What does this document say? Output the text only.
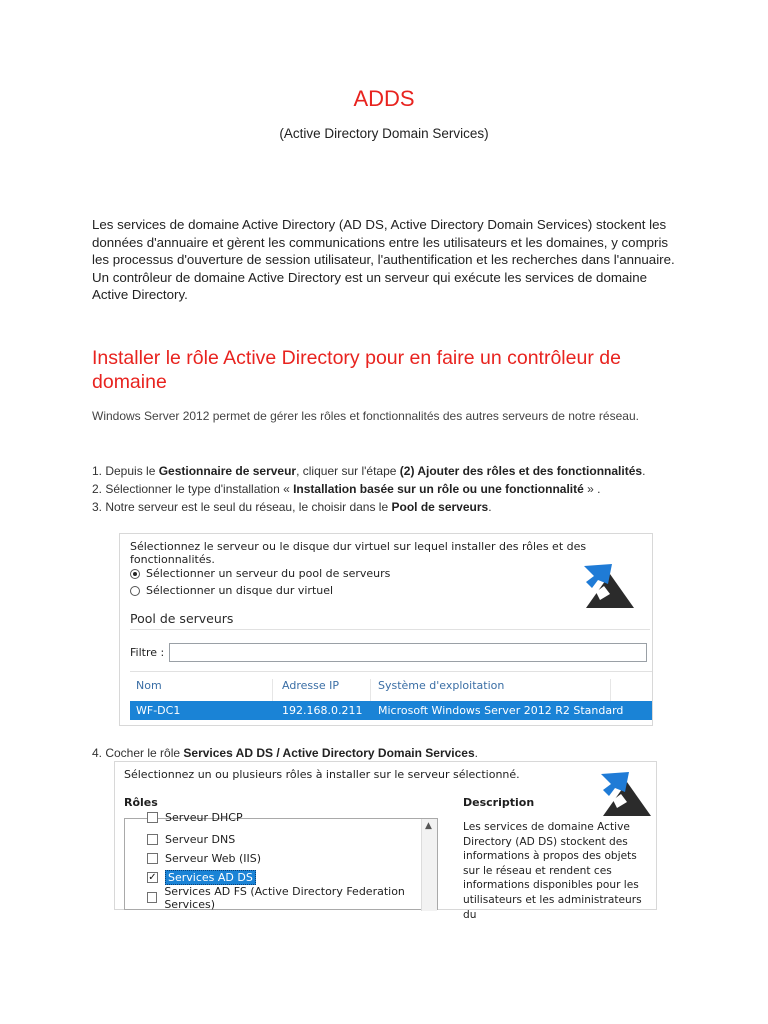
ADDS
(Active Directory Domain Services)

Les services de domaine Active Directory (AD DS, Active Directory Domain Services) stockent les données d'annuaire et gèrent les communications entre les utilisateurs et les domaines, y compris les processus d'ouverture de session utilisateur, l'authentification et les recherches dans l'annuaire. Un contrôleur de domaine Active Directory est un serveur qui exécute les services de domaine Active Directory.

Installer le rôle Active Directory pour en faire un contrôleur de domaine

Windows Server 2012 permet de gérer les rôles et fonctionnalités des autres serveurs de notre réseau.

1. Depuis le Gestionnaire de serveur, cliquer sur l'étape (2) Ajouter des rôles et des fonctionnalités.
2. Sélectionner le type d'installation « Installation basée sur un rôle ou une fonctionnalité » .
3. Notre serveur est le seul du réseau, le choisir dans le Pool de serveurs.
Sélectionnez le serveur ou le disque dur virtuel sur lequel installer des rôles et des fonctionnalités.
Sélectionner un serveur du pool de serveurs
Sélectionner un disque dur virtuel
Pool de serveurs
Filtre :
Nom	Adresse IP	Système d'exploitation
WF-DC1	192.168.0.211 Microsoft Windows Server 2012 R2 Standard
4. Cocher le rôle Services AD DS / Active Directory Domain Services.
Sélectionnez un ou plusieurs rôles à installer sur le serveur sélectionné.
Rôles	Description
Serveur DHCP
Serveur DNS
Serveur Web (IIS)
✓ Services AD DS
Services AD FS (Active Directory Federation Services)
▲	Les services de domaine Active Directory (AD DS) stockent des informations à propos des objets sur le réseau et rendent ces informations disponibles pour les utilisateurs et les administrateurs du
